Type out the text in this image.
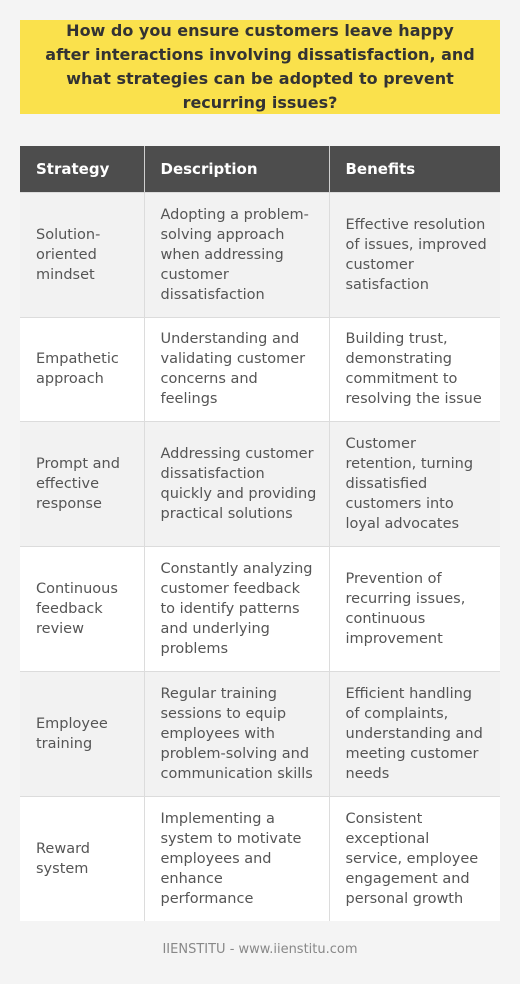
How do you ensure customers leave happy after interactions involving dissatisfaction, and what strategies can be adopted to prevent recurring issues?
Strategy	Description	Benefits
Solution-oriented mindset	Adopting a problem-solving approach when addressing customer dissatisfaction	Effective resolution of issues, improved customer satisfaction
Empathetic approach	Understanding and validating customer concerns and feelings	Building trust, demonstrating commitment to resolving the issue
Prompt and effective response	Addressing customer dissatisfaction quickly and providing practical solutions	Customer retention, turning dissatisfied customers into loyal advocates
Continuous feedback review	Constantly analyzing customer feedback to identify patterns and underlying problems	Prevention of recurring issues, continuous improvement
Employee training	Regular training sessions to equip employees with problem-solving and communication skills	Efficient handling of complaints, understanding and meeting customer needs
Reward system	Implementing a system to motivate employees and enhance performance	Consistent exceptional service, employee engagement and personal growth
IIENSTITU - www.iienstitu.com
